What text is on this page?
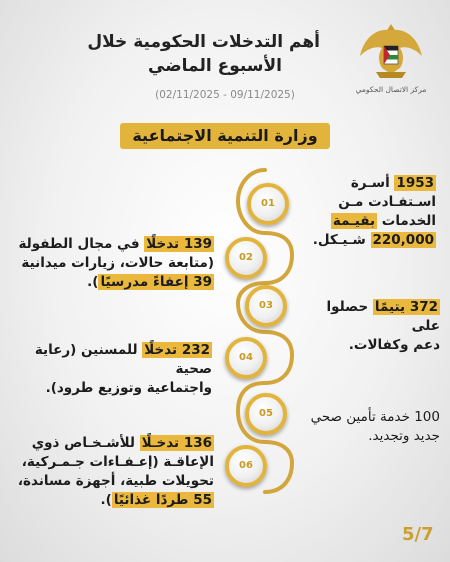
مركز الاتصال الحكومي
أهم التدخلات الحكومية خلال
الأسبوع الماضي
(02/11/2025 - 09/11/2025)
وزارة التنمية الاجتماعية
01
02
03
04
05
06
1953 أسـرة
اسـتفـادت مـن
الخدمات بقيـمة
220,000 شـيـكل.
139 تدخلًا في مجال الطفولة
(متابعة حالات، زيارات ميدانية
39 إعفاءً مدرسيًا).
372 يتيمًا حصلوا على
دعم وكفالات.
232 تدخلًا للمسنين (رعاية صحية
واجتماعية وتوزيع طرود).
100 خدمة تأمين صحي
جديد وتجديد.
136 تدخـلًا للأشـخـاص ذوي
الإعاقـة (إعـفـاءات جـمـركية،
تحويلات طبية، أجهزة مساندة،
55 طردًا غذائيًا).
5/7
